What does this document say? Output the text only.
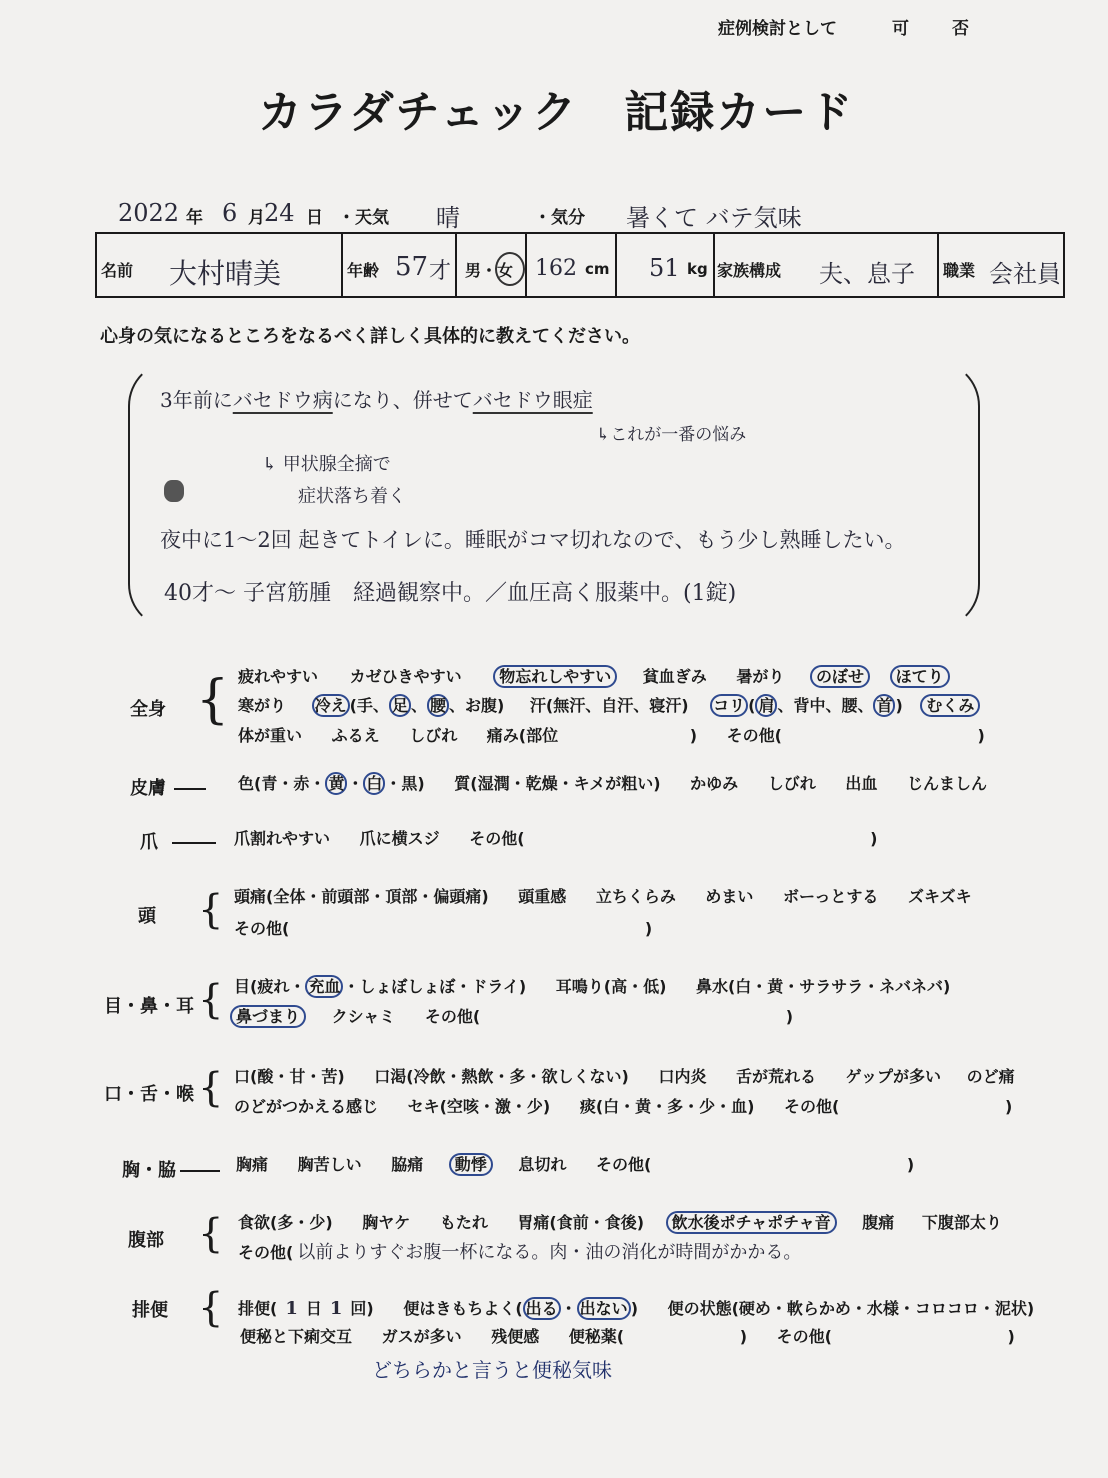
症例検討として	可	否
カラダチェック　記録カード
2022 年 6 月 24 日 ・天気 晴	・気分 暑くて バテ気味
名前 大村晴美	年齢 57 才 男・女 162 cm 51 kg 家族構成 夫、息子 職業 会社員
心身の気になるところをなるべく詳しく具体的に教えてください。
3年前にバセドウ病になり、併せてバセドウ眼症
↳これが一番の悩み
↳ 甲状腺全摘で
症状落ち着く
夜中に1〜2回 起きてトイレに。睡眠がコマ切れなので、もう少し熟睡したい。
40才〜 子宮筋腫　経過観察中。／血圧高く服薬中。(1錠)
全身 { 疲れやすい カゼひきやすい 物忘れしやすい 貧血ぎみ 暑がり のぼせ ほてり
寒がり 冷え (手、 足 、 腰 、お腹) 汗(無汗、自汗、寝汗) コリ ( 肩 、背中、腰、 首 ) むくみ
体が重い ふるえ しびれ 痛み(部位	) その他(	)
皮膚	色(青・赤・ 黄 ・ 白 ・黒) 質(湿潤・乾燥・キメが粗い) かゆみ しびれ 出血 じんましん
爪	爪割れやすい 爪に横スジ その他(	)
頭 { 頭痛(全体・前頭部・頂部・偏頭痛) 頭重感 立ちくらみ めまい ボーっとする ズキズキ
その他(	)
目・鼻・耳 { 目(疲れ・ 充血 ・しょぼしょぼ・ドライ) 耳鳴り(高・低) 鼻水(白・黄・サラサラ・ネバネバ)
鼻づまり クシャミ その他(	)
口・舌・喉 { 口(酸・甘・苦) 口渇(冷飲・熱飲・多・欲しくない) 口内炎 舌が荒れる ゲップが多い のど痛
のどがつかえる感じ セキ(空咳・激・少) 痰(白・黄・多・少・血) その他(	)
胸・脇	胸痛 胸苦しい 脇痛 動悸 息切れ その他(	)
腹部 { 食欲(多・少) 胸ヤケ もたれ 胃痛(食前・食後) 飲水後ポチャポチャ音 腹痛 下腹部太り
その他( 以前よりすぐお腹一杯になる。肉・油の消化が時間がかかる。
排便 { 排便( 1 日 1 回) 便はきもちよく( 出る ・ 出ない ) 便の状態(硬め・軟らかめ・水様・コロコロ・泥状)
便秘と下痢交互 ガスが多い 残便感 便秘薬(	) その他(	)
どちらかと言うと便秘気味
